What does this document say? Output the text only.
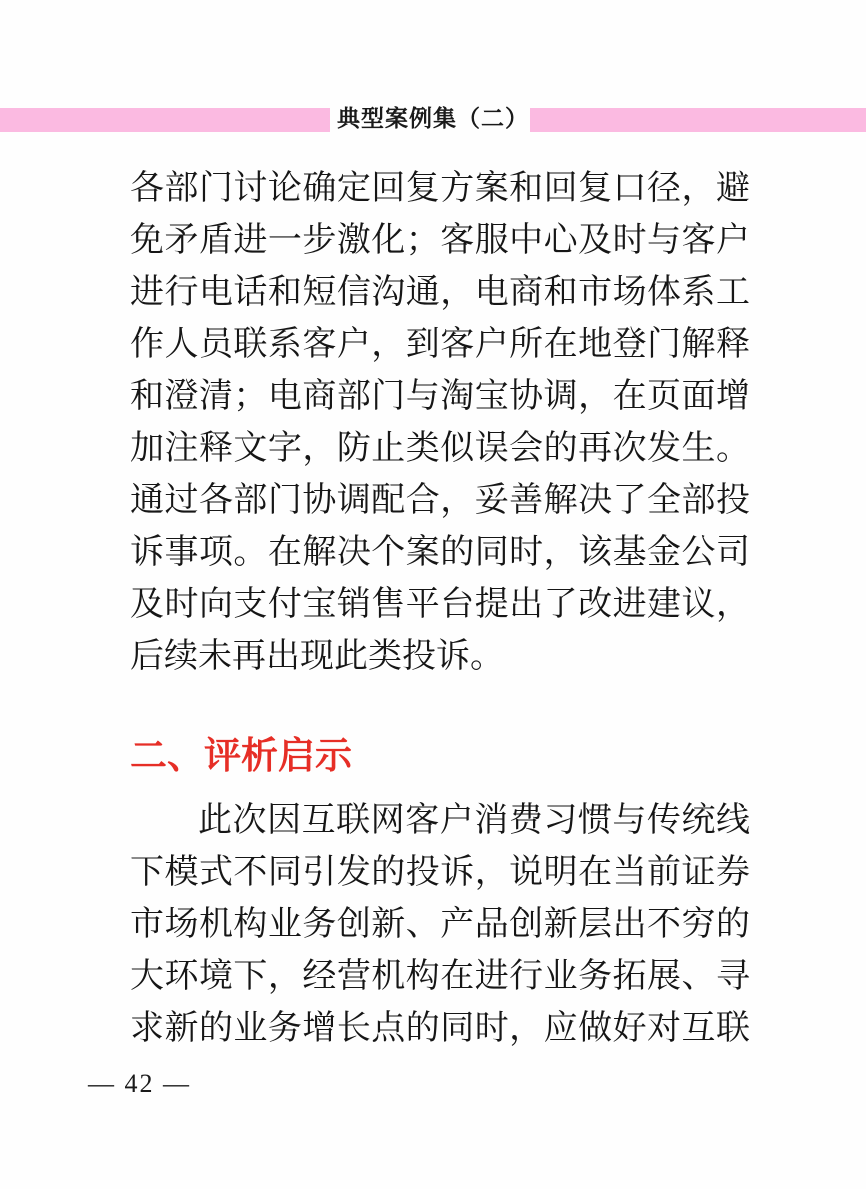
典型案例集（二）
各部门讨论确定回复方案和回复口径，避
免矛盾进一步激化；客服中心及时与客户
进行电话和短信沟通，电商和市场体系工
作人员联系客户，到客户所在地登门解释
和澄清；电商部门与淘宝协调，在页面增
加注释文字，防止类似误会的再次发生。
通过各部门协调配合，妥善解决了全部投
诉事项。在解决个案的同时，该基金公司
及时向支付宝销售平台提出了改进建议，
后续未再出现此类投诉。
二、评析启示
此次因互联网客户消费习惯与传统线
下模式不同引发的投诉，说明在当前证券
市场机构业务创新、产品创新层出不穷的
大环境下，经营机构在进行业务拓展、寻
求新的业务增长点的同时，应做好对互联
— 42 —
